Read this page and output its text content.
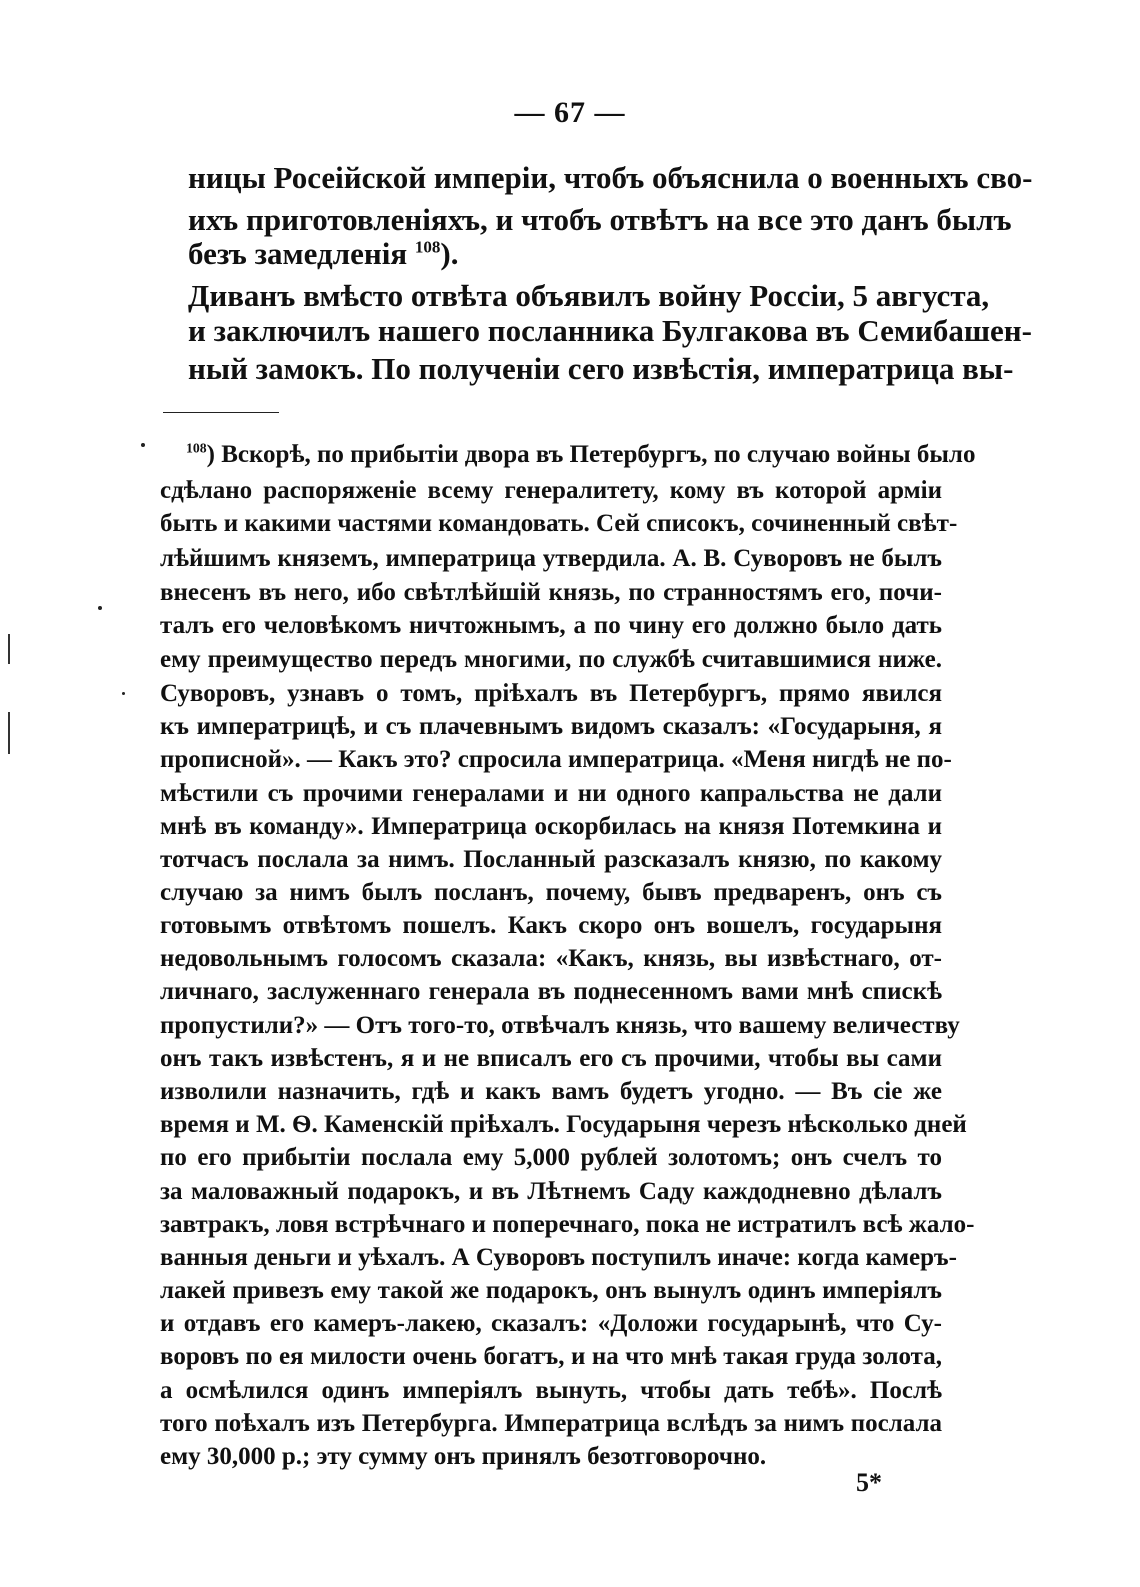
— 67 —
ницы Росеійской имперіи, чтобъ объяснила о военныхъ сво-
ихъ приготовленіяхъ, и чтобъ отвѣтъ на все это данъ былъ
безъ замедленія $^{108}$).
Диванъ вмѣсто отвѣта объявилъ войну Россіи, 5 августа,
и заключилъ нашего посланника Булгакова въ Семибашен-
ный замокъ. По полученіи сего извѣстія, императрица вы-
$^{108}$) Вскорѣ, по прибытіи двора въ Петербургъ, по случаю войны было
сдѣлано распоряженіе всему генералитету, кому въ которой арміи
быть и какими частями командовать. Сей списокъ, сочиненный свѣт-
лѣйшимъ княземъ, императрица утвердила. А. В. Суворовъ не былъ
внесенъ въ него, ибо свѣтлѣйшій князь, по странностямъ его, почи-
талъ его человѣкомъ ничтожнымъ, а по чину его должно было дать
ему преимущество передъ многими, по службѣ считавшимися ниже.
Суворовъ, узнавъ о томъ, пріѣхалъ въ Петербургъ, прямо явился
къ императрицѣ, и съ плачевнымъ видомъ сказалъ: «Государыня, я
прописной». — Какъ это? спросила императрица. «Меня нигдѣ не по-
мѣстили съ прочими генералами и ни одного капральства не дали
мнѣ въ команду». Императрица оскорбилась на князя Потемкина и
тотчасъ послала за нимъ. Посланный разсказалъ князю, по какому
случаю за нимъ былъ посланъ, почему, бывъ предваренъ, онъ съ
готовымъ отвѣтомъ пошелъ. Какъ скоро онъ вошелъ, государыня
недовольнымъ голосомъ сказала: «Какъ, князь, вы извѣстнаго, от-
личнаго, заслуженнаго генерала въ поднесенномъ вами мнѣ спискѣ
пропустили?» — Отъ того-то, отвѣчалъ князь, что вашему величеству
онъ такъ извѣстенъ, я и не вписалъ его съ прочими, чтобы вы сами
изволили назначить, гдѣ и какъ вамъ будетъ угодно. — Въ сіе же
время и М. Ѳ. Каменскій пріѣхалъ. Государыня черезъ нѣсколько дней
по его прибытіи послала ему 5,000 рублей золотомъ; онъ счелъ то
за маловажный подарокъ, и въ Лѣтнемъ Саду каждодневно дѣлалъ
завтракъ, ловя встрѣчнаго и поперечнаго, пока не истратилъ всѣ жало-
ванныя деньги и уѣхалъ. А Суворовъ поступилъ иначе: когда камеръ-
лакей привезъ ему такой же подарокъ, онъ вынулъ одинъ имперіялъ
и отдавъ его камеръ-лакею, сказалъ: «Доложи государынѣ, что Су-
воровъ по ея милости очень богатъ, и на что мнѣ такая груда золота,
а осмѣлился одинъ имперіялъ вынуть, чтобы дать тебѣ». Послѣ
того поѣхалъ изъ Петербурга. Императрица вслѣдъ за нимъ послала
ему 30,000 р.; эту сумму онъ принялъ безотговорочно.
5*
